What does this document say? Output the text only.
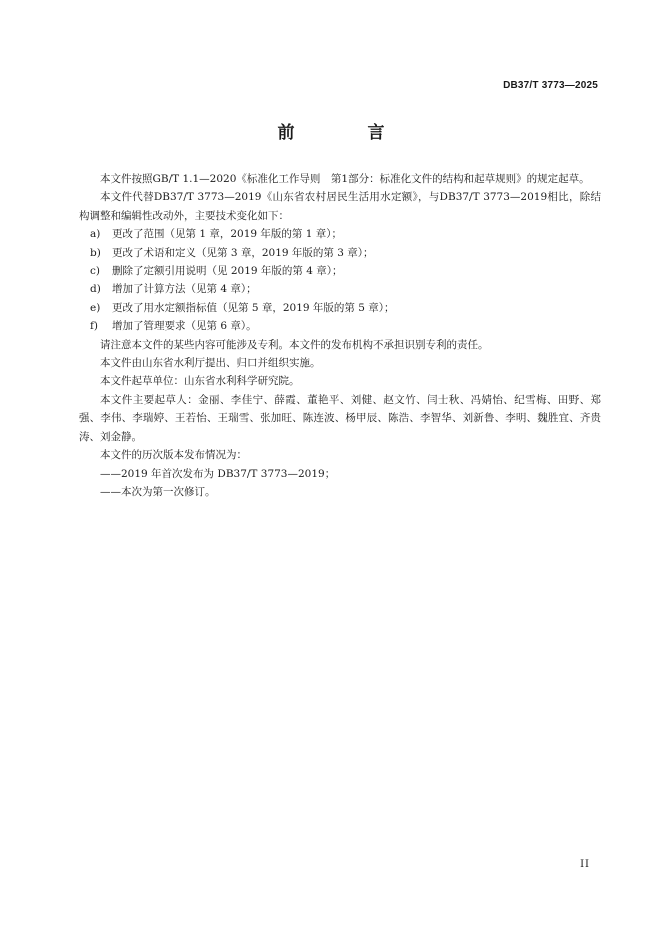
DB37/T 3773—2025
前　言

本文件按照GB/T 1.1—2020《标准化工作导则　第1部分：标准化文件的结构和起草规则》的规定起草。

本文件代替DB37/T 3773—2019《山东省农村居民生活用水定额》，与DB37/T 3773—2019相比，除结构调整和编辑性改动外，主要技术变化如下：

a)	更改了范围（见第 1 章，2019 年版的第 1 章）；

b)	更改了术语和定义（见第 3 章，2019 年版的第 3 章）；

c)	删除了定额引用说明（见 2019 年版的第 4 章）；

d)	增加了计算方法（见第 4 章）；

e)	更改了用水定额指标值（见第 5 章，2019 年版的第 5 章）；

f)	增加了管理要求（见第 6 章）。

请注意本文件的某些内容可能涉及专利。本文件的发布机构不承担识别专利的责任。

本文件由山东省水利厅提出、归口并组织实施。

本文件起草单位：山东省水利科学研究院。

本文件主要起草人：金丽、李佳宁、薛霞、董艳平、刘健、赵文竹、闫士秋、冯婧怡、纪雪梅、田野、郑强、李伟、李瑞婷、王若怡、王瑞雪、张加旺、陈连波、杨甲辰、陈浩、李智华、刘新鲁、李明、魏胜宜、齐贵涛、刘金静。

本文件的历次版本发布情况为：

——2019 年首次发布为 DB37/T 3773—2019；

——本次为第一次修订。

II
